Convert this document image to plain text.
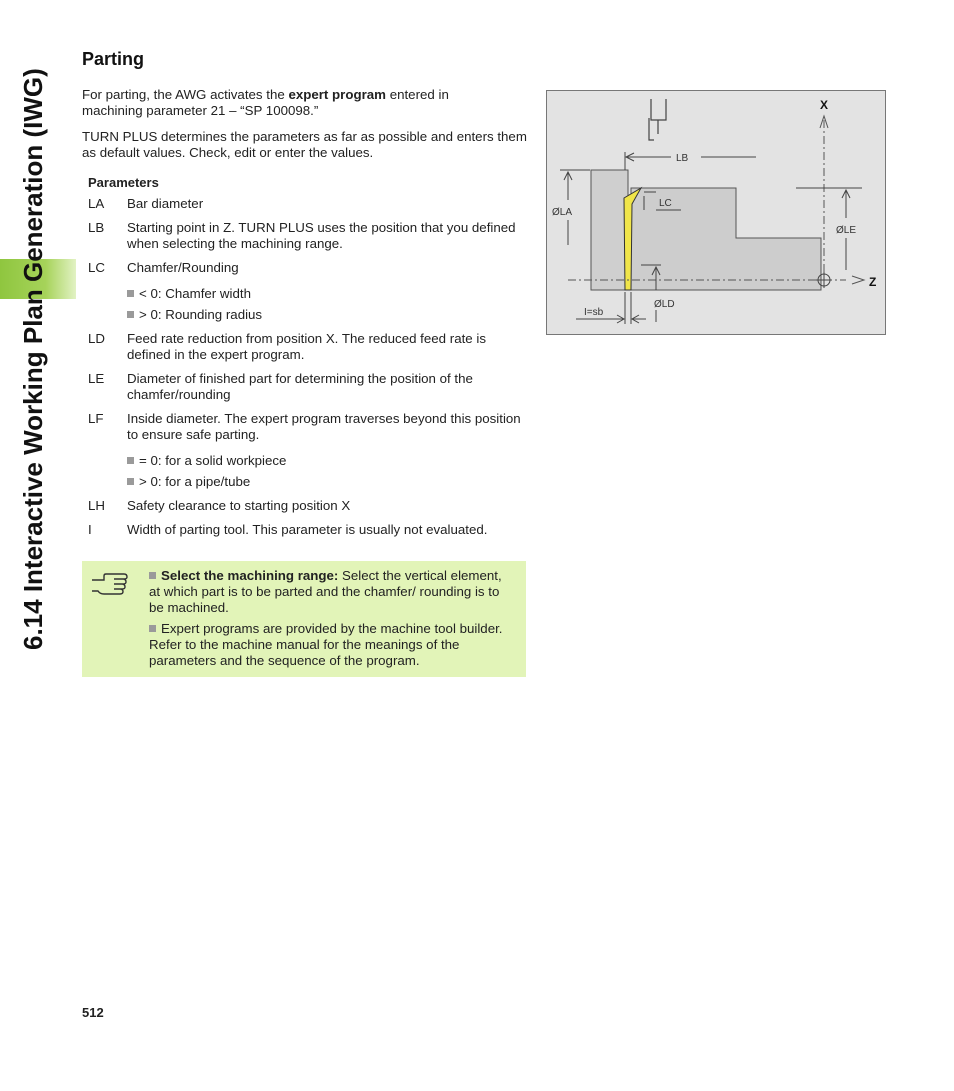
6.14 Interactive Working Plan Generation (IWG)
Parting
For parting, the AWG activates the expert program entered in machining parameter 21 – “SP 100098.”
TURN PLUS determines the parameters as far as possible and enters them as default values. Check, edit or enter the values.
Parameters
LA	Bar diameter
LB	Starting point in Z. TURN PLUS uses the position that you defined when selecting the machining range.
LC	Chamfer/Rounding
< 0: Chamfer width
> 0: Rounding radius
LD	Feed rate reduction from position X. The reduced feed rate is defined in the expert program.
LE	Diameter of finished part for determining the position of the chamfer/rounding
LF	Inside diameter. The expert program traverses beyond this position to ensure safe parting.
= 0: for a solid workpiece
> 0: for a pipe/tube
LH	Safety clearance to starting position X
I	Width of parting tool. This parameter is usually not evaluated.
Select the machining range: Select the vertical element, at which part is to be parted and the chamfer/ rounding is to be machined.
Expert programs are provided by the machine tool builder. Refer to the machine manual for the meanings of the parameters and the sequence of the program.
X
Z
LB
ØLA
LC
ØLE
ØLD
I=sb
512
